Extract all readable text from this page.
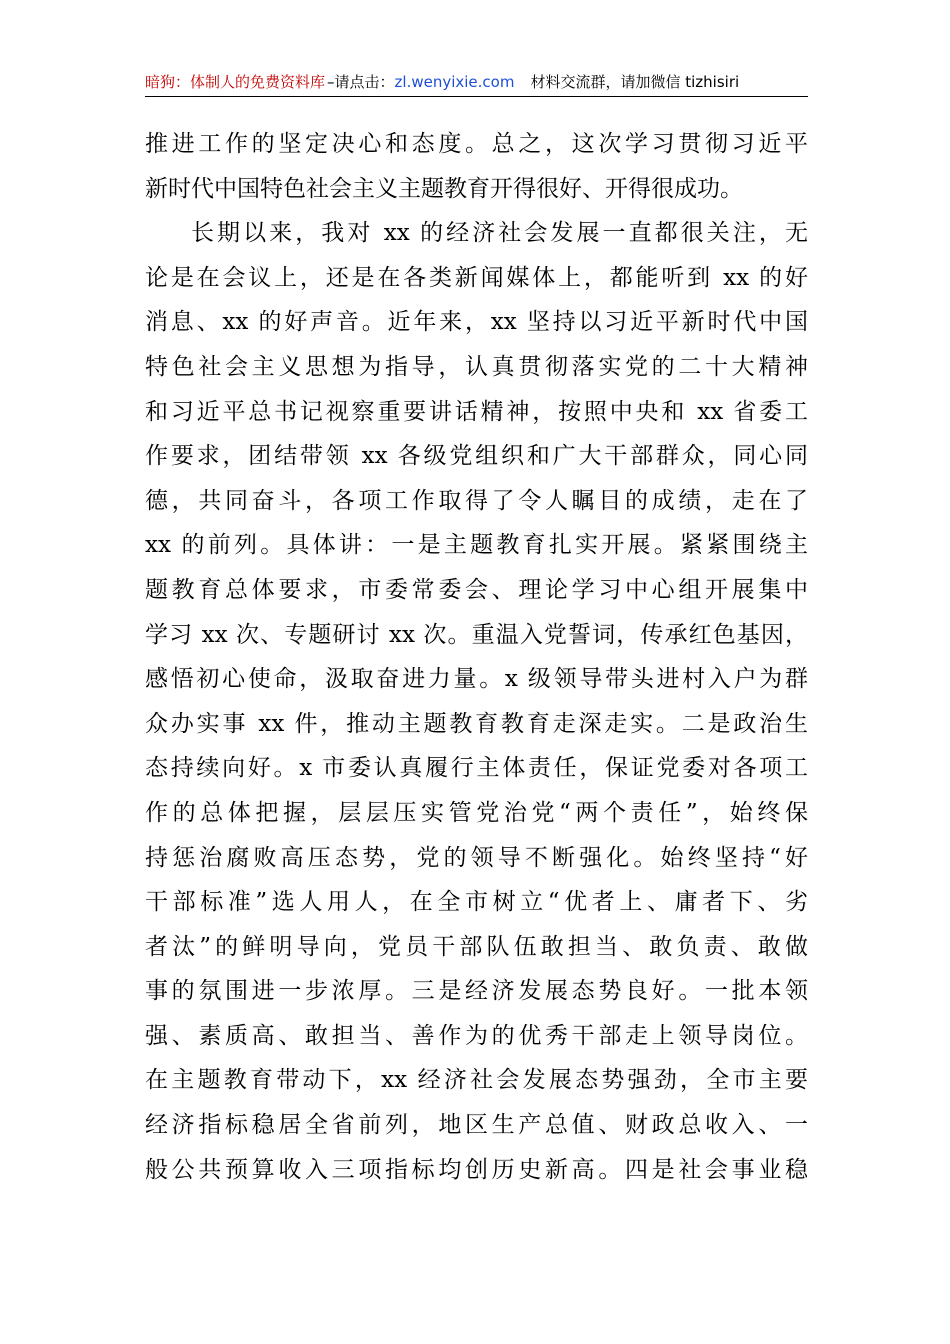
暗狗：体制人的免费资料库 –请点击：zl.wenyixie.com 材料交流群，请加微信 tizhisiri
推进工作的坚定决心和态度。总之，这次学习贯彻习近平
新时代中国特色社会主义主题教育开得很好、开得很成功。
长期以来，我对 xx 的经济社会发展一直都很关注，无
论是在会议上，还是在各类新闻媒体上，都能听到 xx 的好
消息、xx 的好声音。近年来，xx 坚持以习近平新时代中国
特色社会主义思想为指导，认真贯彻落实党的二十大精神
和习近平总书记视察重要讲话精神，按照中央和 xx 省委工
作要求，团结带领 xx 各级党组织和广大干部群众，同心同
德，共同奋斗，各项工作取得了令人瞩目的成绩，走在了
xx 的前列。具体讲：一是主题教育扎实开展。紧紧围绕主
题教育总体要求，市委常委会、理论学习中心组开展集中
学习 xx 次、专题研讨 xx 次。重温入党誓词，传承红色基因，
感悟初心使命，汲取奋进力量。x 级领导带头进村入户为群
众办实事 xx 件，推动主题教育教育走深走实。二是政治生
态持续向好。x 市委认真履行主体责任，保证党委对各项工
作的总体把握，层层压实管党治党“两个责任”，始终保
持惩治腐败高压态势，党的领导不断强化。始终坚持“好
干部标准”选人用人，在全市树立“优者上、庸者下、劣
者汰”的鲜明导向，党员干部队伍敢担当、敢负责、敢做
事的氛围进一步浓厚。三是经济发展态势良好。一批本领
强、素质高、敢担当、善作为的优秀干部走上领导岗位。
在主题教育带动下，xx 经济社会发展态势强劲，全市主要
经济指标稳居全省前列，地区生产总值、财政总收入、一
般公共预算收入三项指标均创历史新高。四是社会事业稳
